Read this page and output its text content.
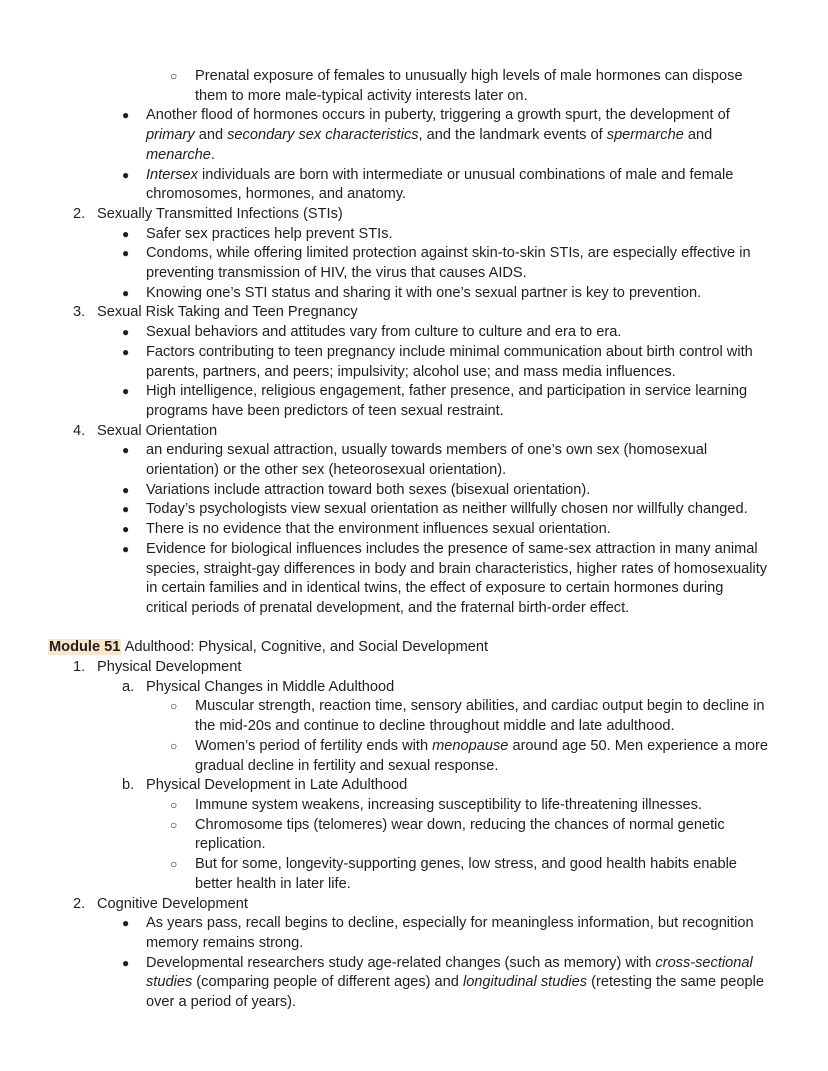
○ Prenatal exposure of females to unusually high levels of male hormones can dispose

them to more male-typical activity interests later on.

● Another flood of hormones occurs in puberty, triggering a growth spurt, the development of

primary and secondary sex characteristics, and the landmark events of spermarche and

menarche.

● Intersex individuals are born with intermediate or unusual combinations of male and female

chromosomes, hormones, and anatomy.

2. Sexually Transmitted Infections (STIs)

● Safer sex practices help prevent STIs.

● Condoms, while offering limited protection against skin-to-skin STIs, are especially effective in

preventing transmission of HIV, the virus that causes AIDS.

● Knowing one’s STI status and sharing it with one’s sexual partner is key to prevention.

3. Sexual Risk Taking and Teen Pregnancy

● Sexual behaviors and attitudes vary from culture to culture and era to era.

● Factors contributing to teen pregnancy include minimal communication about birth control with

parents, partners, and peers; impulsivity; alcohol use; and mass media influences.

● High intelligence, religious engagement, father presence, and participation in service learning

programs have been predictors of teen sexual restraint.

4. Sexual Orientation

● an enduring sexual attraction, usually towards members of one’s own sex (homosexual

orientation) or the other sex (heteorosexual orientation).

● Variations include attraction toward both sexes (bisexual orientation).

● Today’s psychologists view sexual orientation as neither willfully chosen nor willfully changed.

● There is no evidence that the environment influences sexual orientation.

● Evidence for biological influences includes the presence of same-sex attraction in many animal

species, straight-gay differences in body and brain characteristics, higher rates of homosexuality

in certain families and in identical twins, the effect of exposure to certain hormones during

critical periods of prenatal development, and the fraternal birth-order effect.

Module 51 Adulthood: Physical, Cognitive, and Social Development

1. Physical Development

a. Physical Changes in Middle Adulthood

○ Muscular strength, reaction time, sensory abilities, and cardiac output begin to decline in

the mid-20s and continue to decline throughout middle and late adulthood.

○ Women’s period of fertility ends with menopause around age 50. Men experience a more

gradual decline in fertility and sexual response.

b. Physical Development in Late Adulthood

○ Immune system weakens, increasing susceptibility to life-threatening illnesses.

○ Chromosome tips (telomeres) wear down, reducing the chances of normal genetic

replication.

○ But for some, longevity-supporting genes, low stress, and good health habits enable

better health in later life.

2. Cognitive Development

● As years pass, recall begins to decline, especially for meaningless information, but recognition

memory remains strong.

● Developmental researchers study age-related changes (such as memory) with cross-sectional

studies (comparing people of different ages) and longitudinal studies (retesting the same people

over a period of years).
